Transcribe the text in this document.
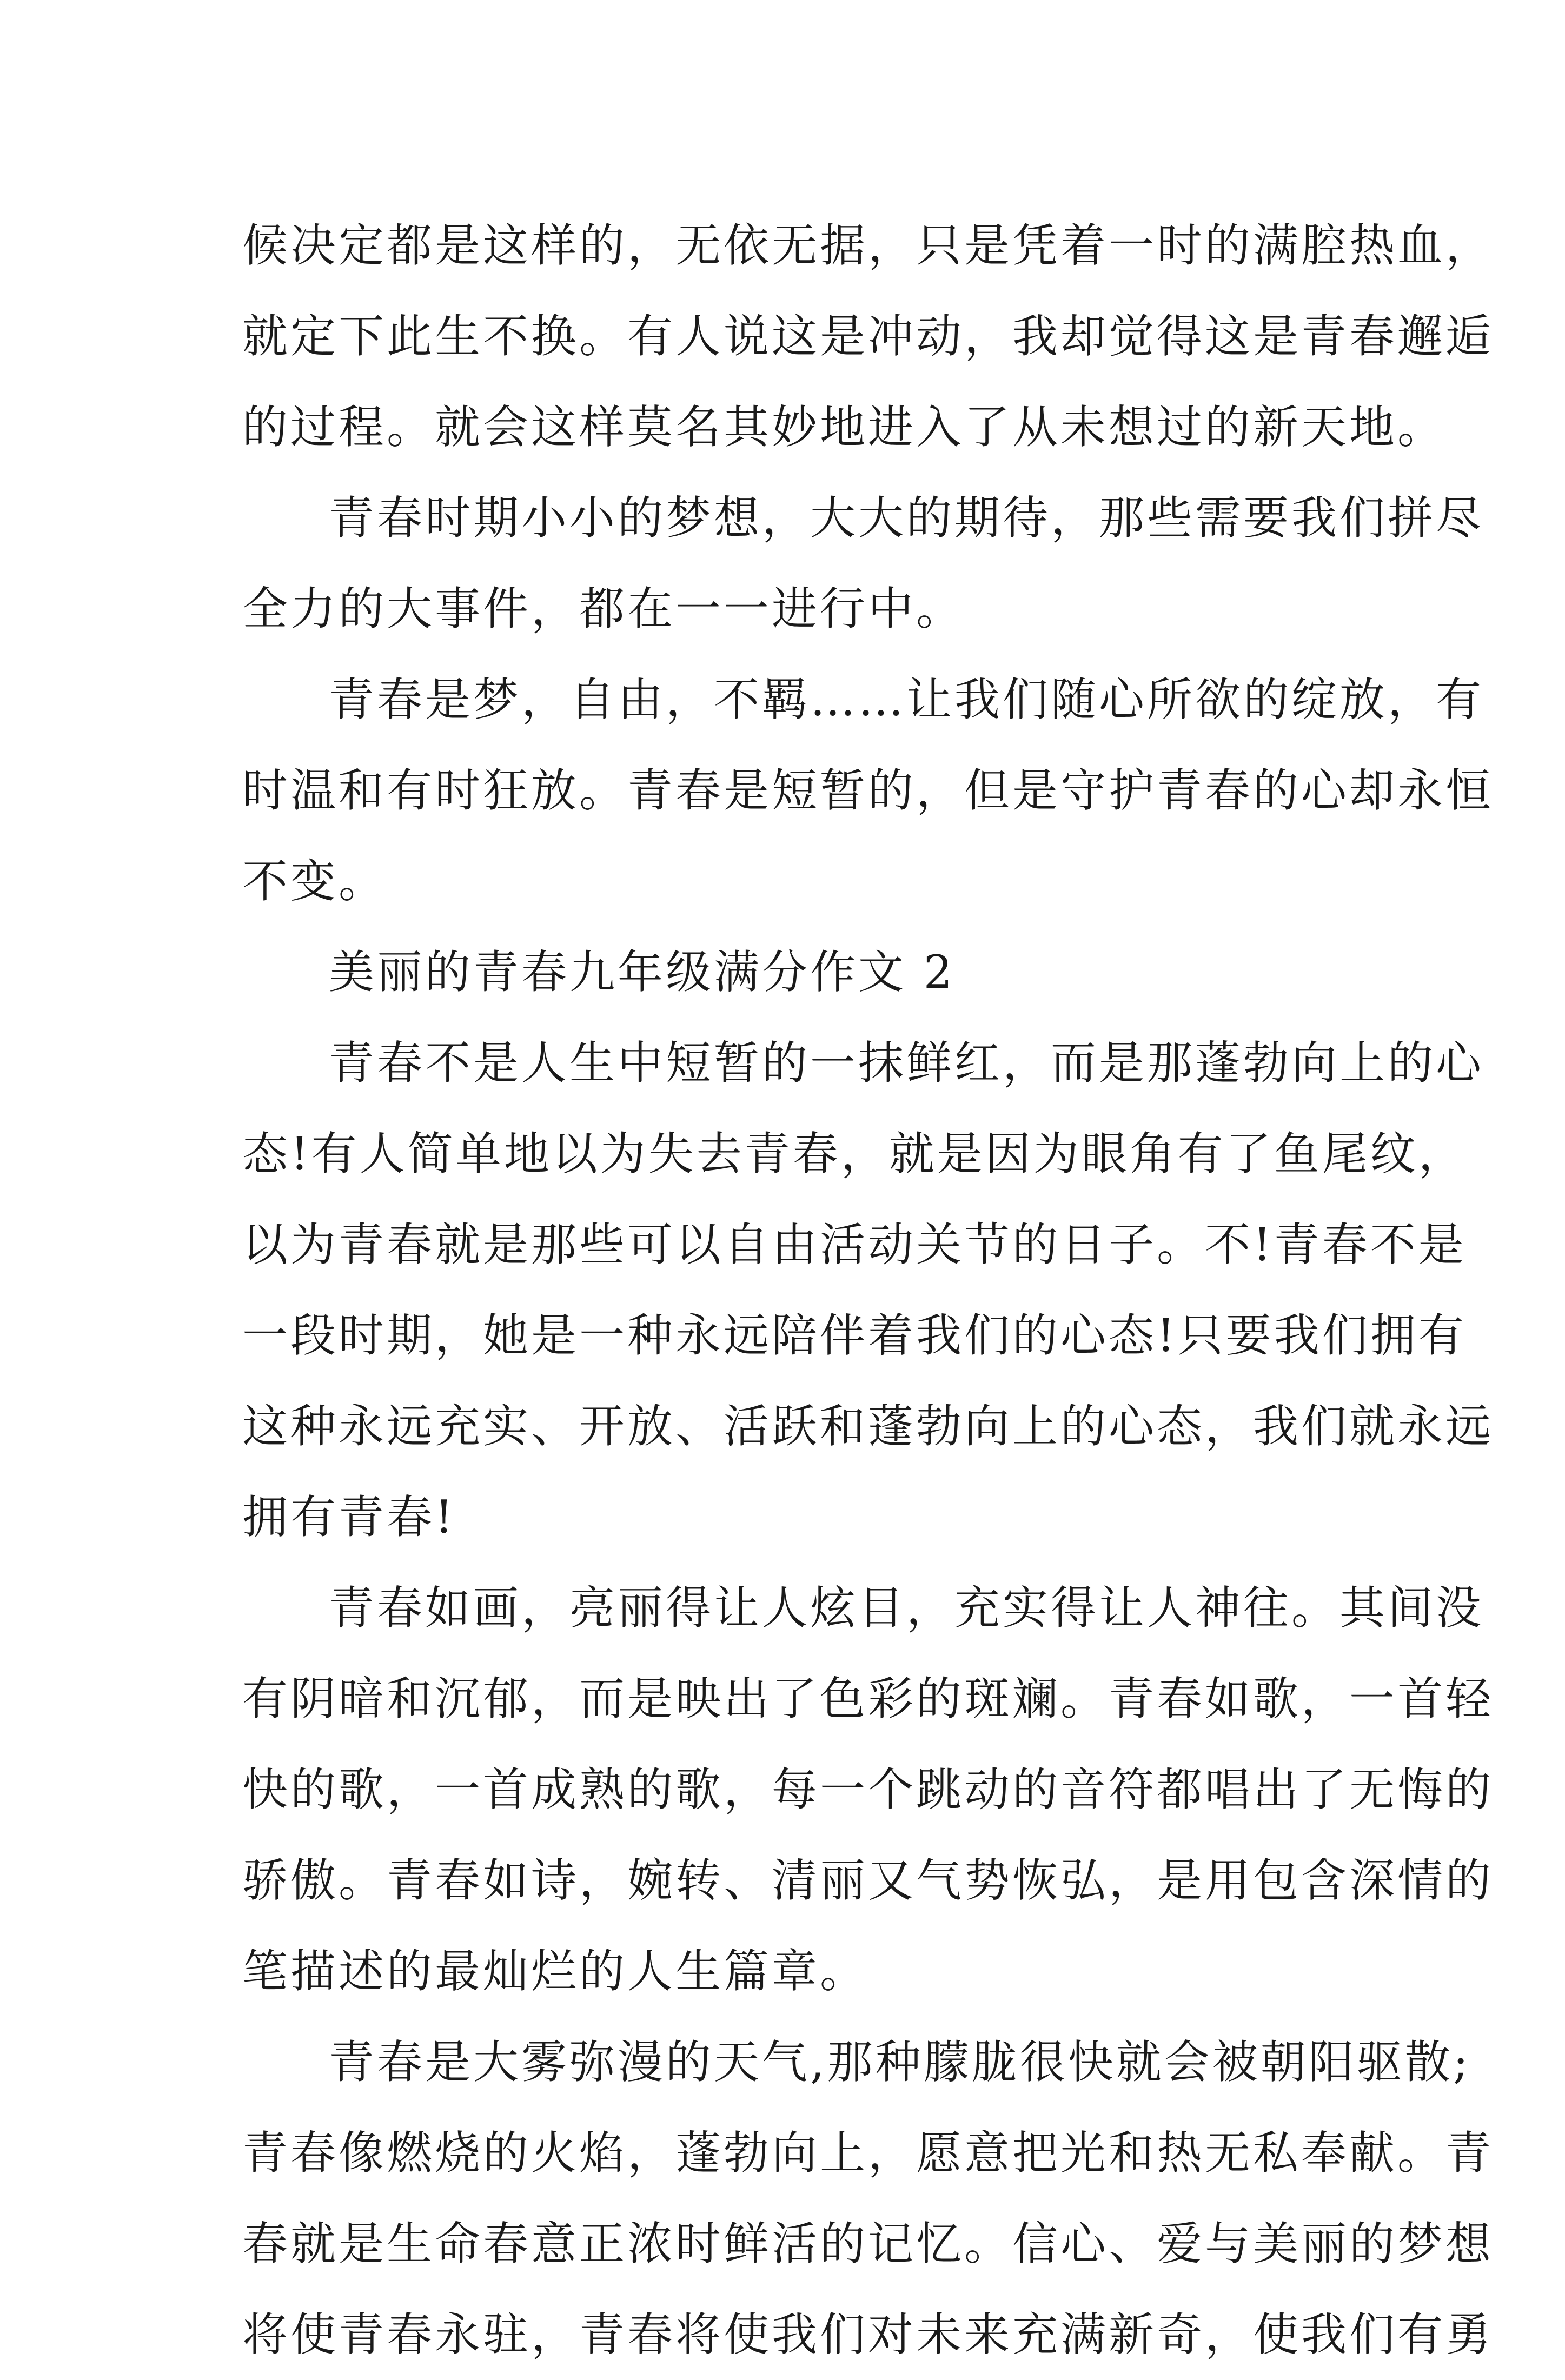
候决定都是这样的，无依无据，只是凭着一时的满腔热血，
就定下此生不换。有人说这是冲动，我却觉得这是青春邂逅
的过程。就会这样莫名其妙地进入了从未想过的新天地。
青春时期小小的梦想，大大的期待，那些需要我们拼尽
全力的大事件，都在一一进行中。
青春是梦，自由，不羁……让我们随心所欲的绽放，有
时温和有时狂放。青春是短暂的，但是守护青春的心却永恒
不变。
美丽的青春九年级满分作文 2
青春不是人生中短暂的一抹鲜红，而是那蓬勃向上的心
态!有人简单地以为失去青春，就是因为眼角有了鱼尾纹，
以为青春就是那些可以自由活动关节的日子。不!青春不是
一段时期，她是一种永远陪伴着我们的心态!只要我们拥有
这种永远充实、开放、活跃和蓬勃向上的心态，我们就永远
拥有青春!
青春如画，亮丽得让人炫目，充实得让人神往。其间没
有阴暗和沉郁，而是映出了色彩的斑斓。青春如歌，一首轻
快的歌，一首成熟的歌，每一个跳动的音符都唱出了无悔的
骄傲。青春如诗，婉转、清丽又气势恢弘，是用包含深情的
笔描述的最灿烂的人生篇章。
青春是大雾弥漫的天气,那种朦胧很快就会被朝阳驱散;
青春像燃烧的火焰，蓬勃向上，愿意把光和热无私奉献。青
春就是生命春意正浓时鲜活的记忆。信心、爱与美丽的梦想
将使青春永驻，青春将使我们对未来充满新奇，使我们有勇
